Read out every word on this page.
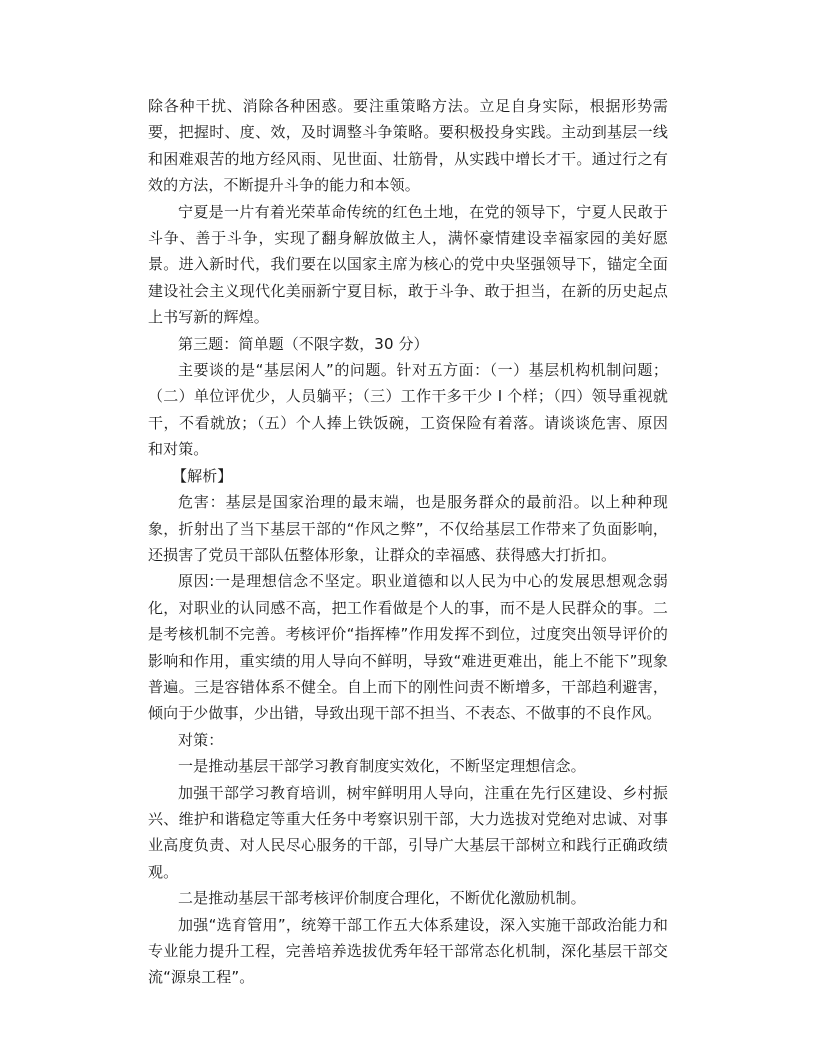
除各种干扰、消除各种困惑。要注重策略方法。立足自身实际，根据形势需要，把握时、度、效，及时调整斗争策略。要积极投身实践。主动到基层一线和困难艰苦的地方经风雨、见世面、壮筋骨，从实践中增长才干。通过行之有效的方法，不断提升斗争的能力和本领。

宁夏是一片有着光荣革命传统的红色土地，在党的领导下，宁夏人民敢于斗争、善于斗争，实现了翻身解放做主人，满怀豪情建设幸福家园的美好愿景。进入新时代，我们要在以国家主席为核心的党中央坚强领导下，锚定全面建设社会主义现代化美丽新宁夏目标，敢于斗争、敢于担当，在新的历史起点上书写新的辉煌。

第三题：简单题（不限字数，30 分）

主要谈的是“基层闲人”的问题。针对五方面：（一）基层机构机制问题；（二）单位评优少，人员躺平；（三）工作干多干少 I 个样；（四）领导重视就干，不看就放；（五）个人捧上铁饭碗，工资保险有着落。请谈谈危害、原因和对策。

【解析】

危害：基层是国家治理的最末端，也是服务群众的最前沿。以上种种现象，折射出了当下基层干部的“作风之弊”，不仅给基层工作带来了负面影响，还损害了党员干部队伍整体形象，让群众的幸福感、获得感大打折扣。

原因:一是理想信念不坚定。职业道德和以人民为中心的发展思想观念弱化，对职业的认同感不高，把工作看做是个人的事，而不是人民群众的事。二是考核机制不完善。考核评价“指挥棒”作用发挥不到位，过度突出领导评价的影响和作用，重实绩的用人导向不鲜明，导致“难进更难出，能上不能下”现象普遍。三是容错体系不健全。自上而下的刚性问责不断增多，干部趋利避害，倾向于少做事，少出错，导致出现干部不担当、不表态、不做事的不良作风。

对策：

一是推动基层干部学习教育制度实效化，不断坚定理想信念。

加强干部学习教育培训，树牢鲜明用人导向，注重在先行区建设、乡村振兴、维护和谐稳定等重大任务中考察识别干部，大力选拔对党绝对忠诚、对事业高度负责、对人民尽心服务的干部，引导广大基层干部树立和践行正确政绩观。

二是推动基层干部考核评价制度合理化，不断优化激励机制。

加强“选育管用”，统筹干部工作五大体系建设，深入实施干部政治能力和专业能力提升工程，完善培养选拔优秀年轻干部常态化机制，深化基层干部交流“源泉工程”。
